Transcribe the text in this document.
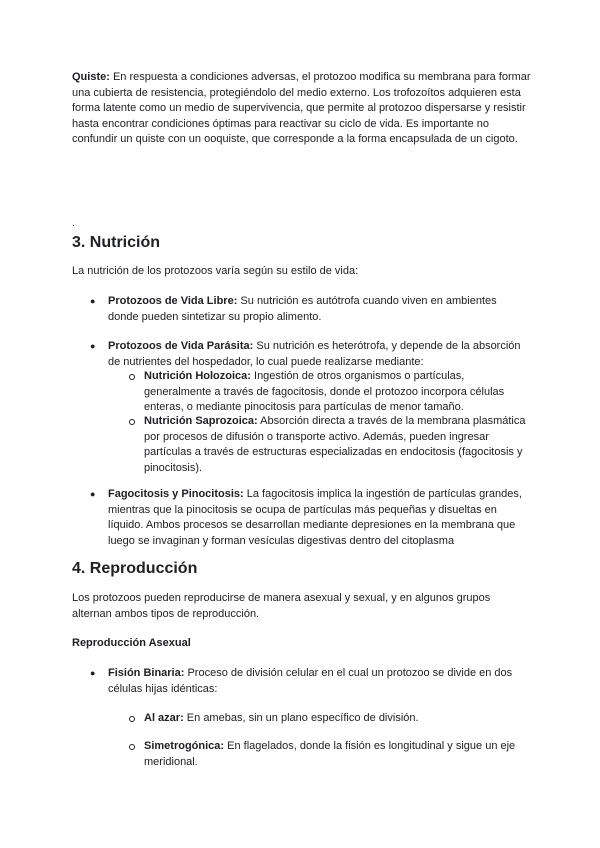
Quiste: En respuesta a condiciones adversas, el protozoo modifica su membrana para formar una cubierta de resistencia, protegiéndolo del medio externo. Los trofozoítos adquieren esta forma latente como un medio de supervivencia, que permite al protozoo dispersarse y resistir hasta encontrar condiciones óptimas para reactivar su ciclo de vida. Es importante no confundir un quiste con un ooquiste, que corresponde a la forma encapsulada de un cigoto.

.

3. Nutrición

La nutrición de los protozoos varía según su estilo de vida:

● Protozoos de Vida Libre: Su nutrición es autótrofa cuando viven en ambientes donde pueden sintetizar su propio alimento.

● Protozoos de Vida Parásita: Su nutrición es heterótrofa, y depende de la absorción de nutrientes del hospedador, lo cual puede realizarse mediante:

Nutrición Holozoica: Ingestión de otros organismos o partículas, generalmente a través de fagocitosis, donde el protozoo incorpora células enteras, o mediante pinocitosis para partículas de menor tamaño.

Nutrición Saprozoica: Absorción directa a través de la membrana plasmática por procesos de difusión o transporte activo. Además, pueden ingresar partículas a través de estructuras especializadas en endocitosis (fagocitosis y pinocitosis).

● Fagocitosis y Pinocitosis: La fagocitosis implica la ingestión de partículas grandes, mientras que la pinocitosis se ocupa de partículas más pequeñas y disueltas en líquido. Ambos procesos se desarrollan mediante depresiones en la membrana que luego se invaginan y forman vesículas digestivas dentro del citoplasma

4. Reproducción

Los protozoos pueden reproducirse de manera asexual y sexual, y en algunos grupos alternan ambos tipos de reproducción.

Reproducción Asexual

● Fisión Binaria: Proceso de división celular en el cual un protozoo se divide en dos células hijas idénticas:

Al azar: En amebas, sin un plano específico de división.

Simetrogónica: En flagelados, donde la fisión es longitudinal y sigue un eje meridional.
